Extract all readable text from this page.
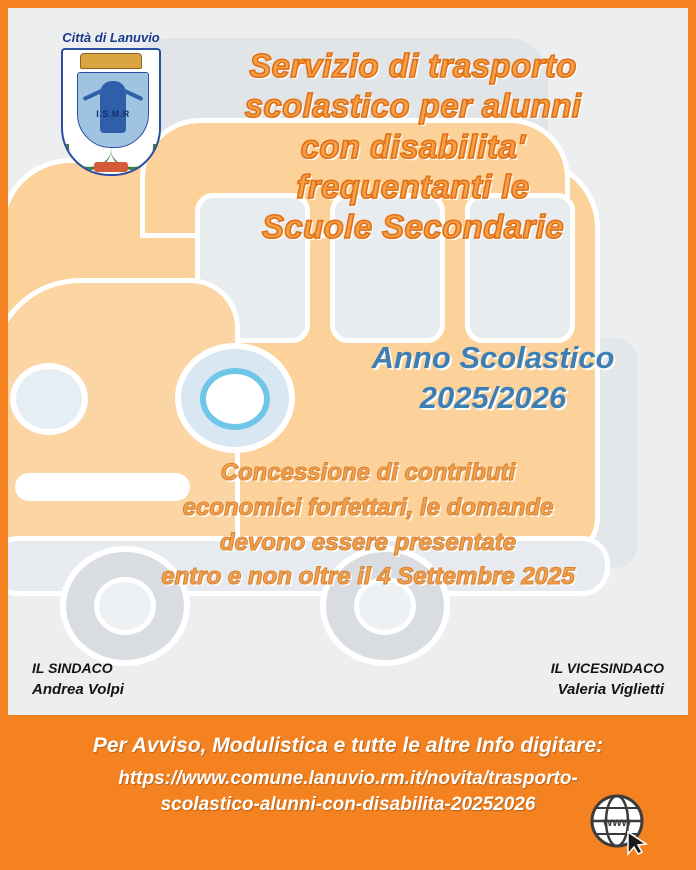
Città di Lanuvio
I.S.M.R
Servizio di trasporto
scolastico per alunni
con disabilita'
frequentanti le
Scuole Secondarie
Anno Scolastico
2025/2026
Concessione di contributi
economici forfettari, le domande
devono essere presentate
entro e non oltre il 4 Settembre 2025
IL SINDACO
Andrea Volpi
IL VICESINDACO
Valeria Viglietti
Per Avviso, Modulistica e tutte le altre Info digitare:
https://www.comune.lanuvio.rm.it/novita/trasporto-scolastico-alunni-con-disabilita-20252026
www
